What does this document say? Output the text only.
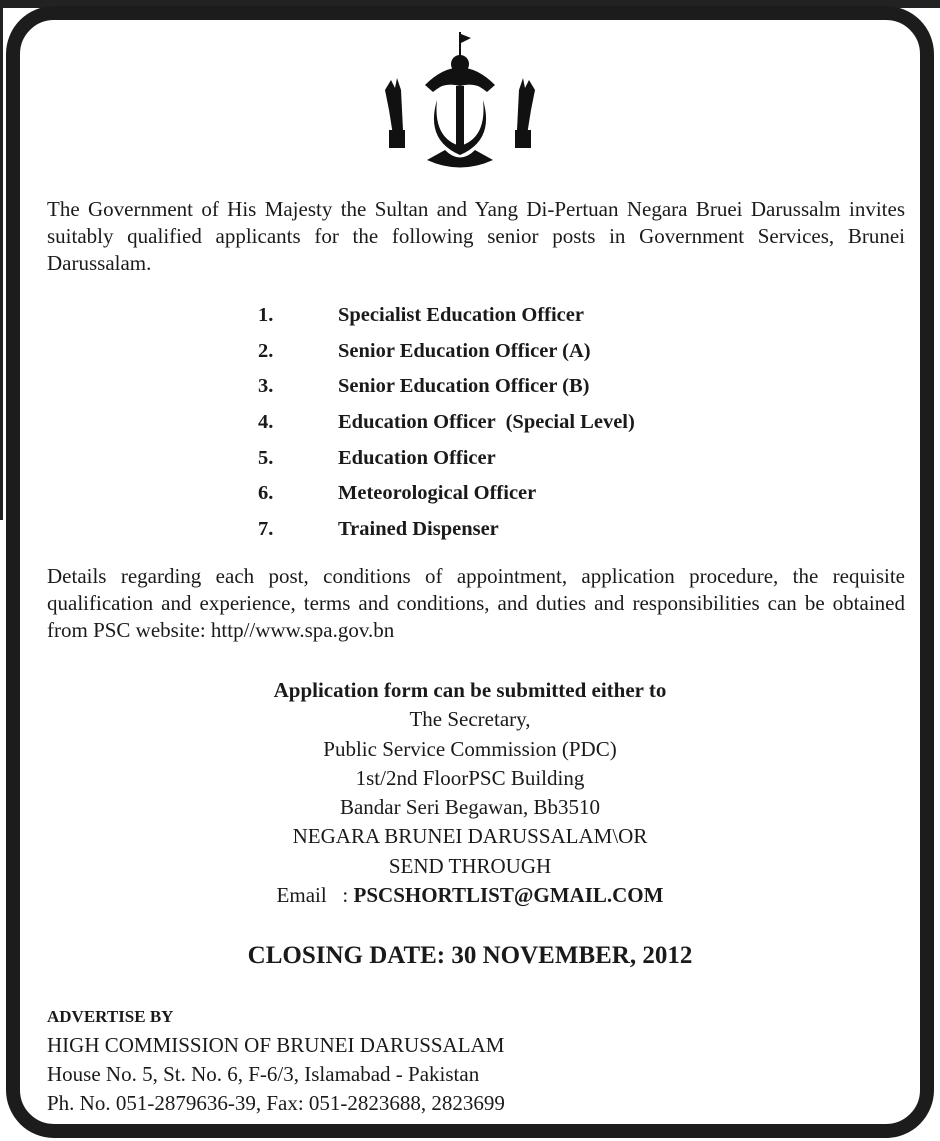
The Government of His Majesty the Sultan and Yang Di-Pertuan Negara Bruei Darussalm invites suitably qualified applicants for the following senior posts in Government Services, Brunei Darussalam.
1.	Specialist Education Officer
2.	Senior Education Officer (A)
3.	Senior Education Officer (B)
4.	Education Officer  (Special Level)
5.	Education Officer
6.	Meteorological Officer
7.	Trained Dispenser
Details regarding each post, conditions of appointment, application procedure, the requisite qualification and experience, terms and conditions, and duties and responsibilities can be obtained from PSC website: http//www.spa.gov.bn
Application form can be submitted either to
The Secretary,
Public Service Commission (PDC)
1st/2nd FloorPSC Building
Bandar Seri Begawan, Bb3510
NEGARA BRUNEI DARUSSALAM\OR
SEND THROUGH
Email   : PSCSHORTLIST@GMAIL.COM
CLOSING DATE: 30 NOVEMBER, 2012
ADVERTISE BY
HIGH COMMISSION OF BRUNEI DARUSSALAM
House No. 5, St. No. 6, F-6/3, Islamabad - Pakistan
Ph. No. 051-2879636-39, Fax: 051-2823688, 2823699
